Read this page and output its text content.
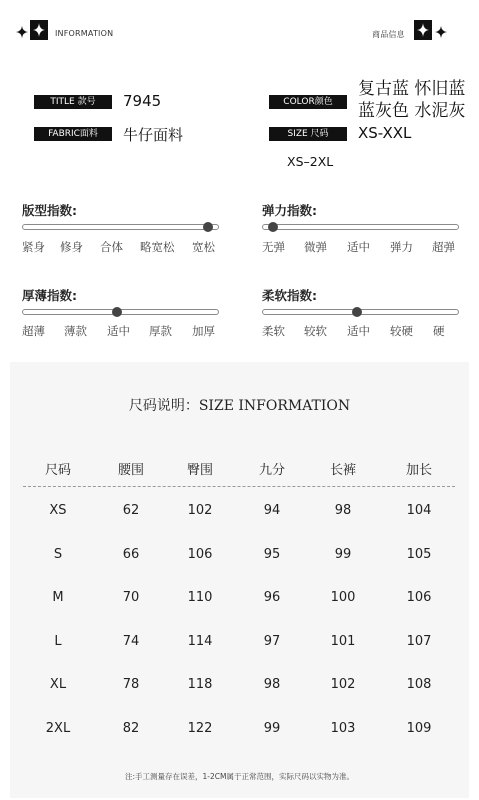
INFORMATION	商品信息
TITLE 款号	7945
FABRIC面料	牛仔面料
COLOR颜色
复古蓝 怀旧蓝
蓝灰色 水泥灰
SIZE 尺码	XS-XXL
XS–2XL
版型指数:
紧身 修身 合体 略宽松 宽松
弹力指数:
无弹 微弹 适中 弹力 超弹
厚薄指数:
超薄 薄款 适中 厚款 加厚
柔软指数:
柔软 较软 适中 较硬 硬
尺码说明：SIZE INFORMATION
尺码	腰围	臀围	九分	长裤	加长
XS	62	102	94	98	104
S	66	106	95	99	105
M	70	110	96	100	106
L	74	114	97	101	107
XL	78	118	98	102	108
2XL	82	122	99	103	109
注:手工测量存在误差，1-2CM属于正常范围，实际尺码以实物为准。
